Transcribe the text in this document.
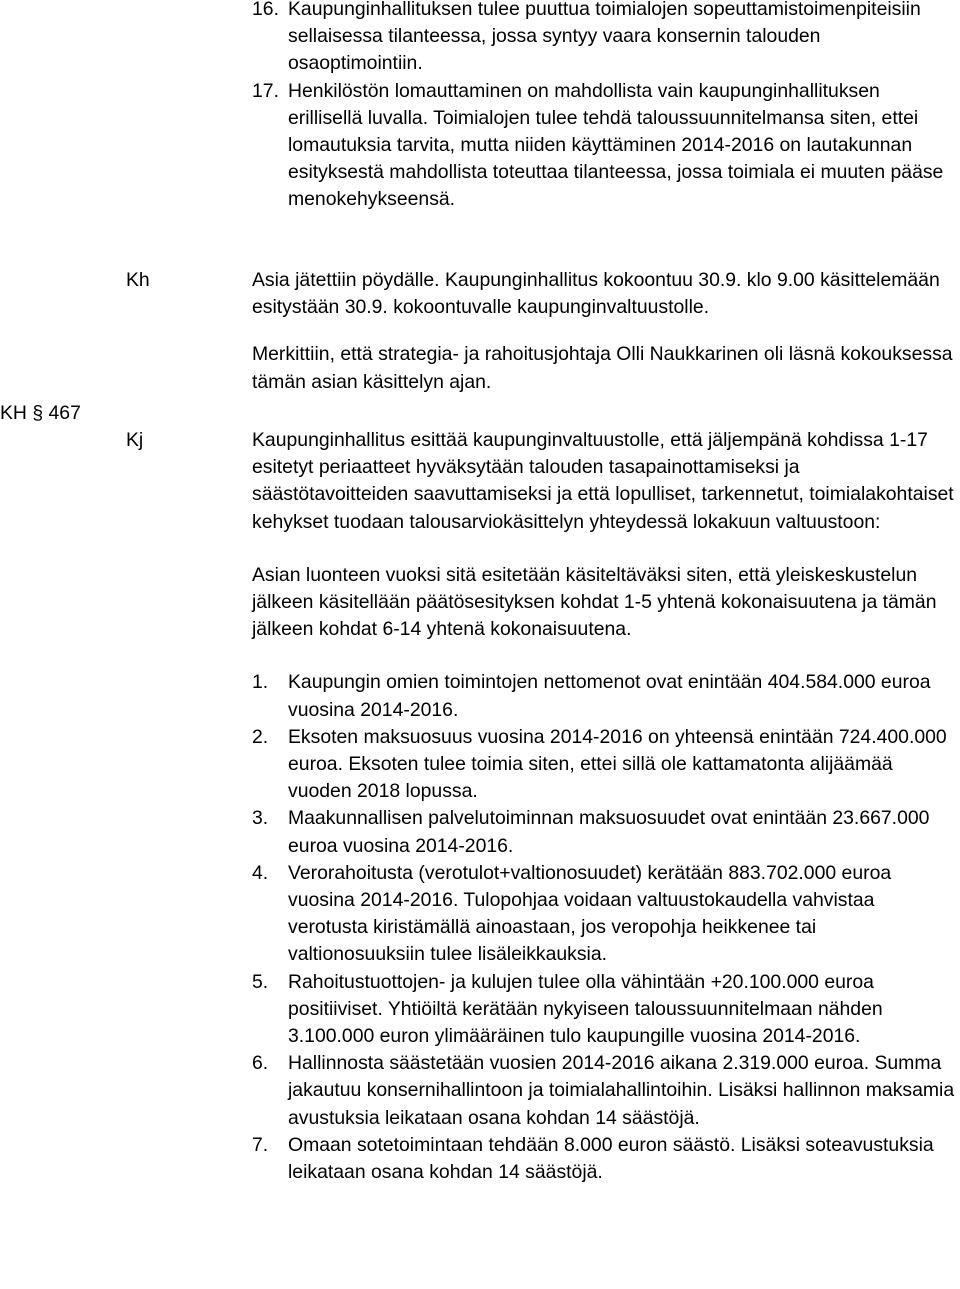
16. Kaupunginhallituksen tulee puuttua toimialojen sopeuttamistoimenpiteisiin sellaisessa tilanteessa, jossa syntyy vaara konsernin talouden osaoptimointiin.
17. Henkilöstön lomauttaminen on mahdollista vain kaupunginhallituksen erillisellä luvalla. Toimialojen tulee tehdä taloussuunnitelmansa siten, ettei lomautuksia tarvita, mutta niiden käyttäminen 2014-2016 on lautakunnan esityksestä mahdollista toteuttaa tilanteessa, jossa toimiala ei muuten pääse menokehykseensä.
Kh	Asia jätettiin pöydälle. Kaupunginhallitus kokoontuu 30.9. klo 9.00 käsittelemään esitystään 30.9. kokoontuvalle kaupunginvaltuustolle.

Merkittiin, että strategia- ja rahoitusjohtaja Olli Naukkarinen oli läsnä kokouksessa tämän asian käsittelyn ajan.

KH § 467
Kj	Kaupunginhallitus esittää kaupunginvaltuustolle, että jäljempänä kohdissa 1-17 esitetyt periaatteet hyväksytään talouden tasapainottamiseksi ja säästötavoitteiden saavuttamiseksi ja että lopulliset, tarkennetut, toimialakohtaiset kehykset tuodaan talousarviokäsittelyn yhteydessä lokakuun valtuustoon:

Asian luonteen vuoksi sitä esitetään käsiteltäväksi siten, että yleiskeskustelun jälkeen käsitellään päätösesityksen kohdat 1-5 yhtenä kokonaisuutena ja tämän jälkeen kohdat 6-14 yhtenä kokonaisuutena.

1. Kaupungin omien toimintojen nettomenot ovat enintään 404.584.000 euroa vuosina 2014-2016.
2. Eksoten maksuosuus vuosina 2014-2016 on yhteensä enintään 724.400.000 euroa. Eksoten tulee toimia siten, ettei sillä ole kattamatonta alijäämää vuoden 2018 lopussa.
3. Maakunnallisen palvelutoiminnan maksuosuudet ovat enintään 23.667.000 euroa vuosina 2014-2016.
4. Verorahoitusta (verotulot+valtionosuudet) kerätään 883.702.000 euroa vuosina 2014-2016. Tulopohjaa voidaan valtuustokaudella vahvistaa verotusta kiristämällä ainoastaan, jos veropohja heikkenee tai valtionosuuksiin tulee lisäleikkauksia.
5. Rahoitustuottojen- ja kulujen tulee olla vähintään +20.100.000 euroa positiiviset. Yhtiöiltä kerätään nykyiseen taloussuunnitelmaan nähden 3.100.000 euron ylimääräinen tulo kaupungille vuosina 2014-2016.
6. Hallinnosta säästetään vuosien 2014-2016 aikana 2.319.000 euroa. Summa jakautuu konsernihallintoon ja toimialahallintoihin. Lisäksi hallinnon maksamia avustuksia leikataan osana kohdan 14 säästöjä.
7. Omaan sotetoimintaan tehdään 8.000 euron säästö. Lisäksi soteavustuksia leikataan osana kohdan 14 säästöjä.
